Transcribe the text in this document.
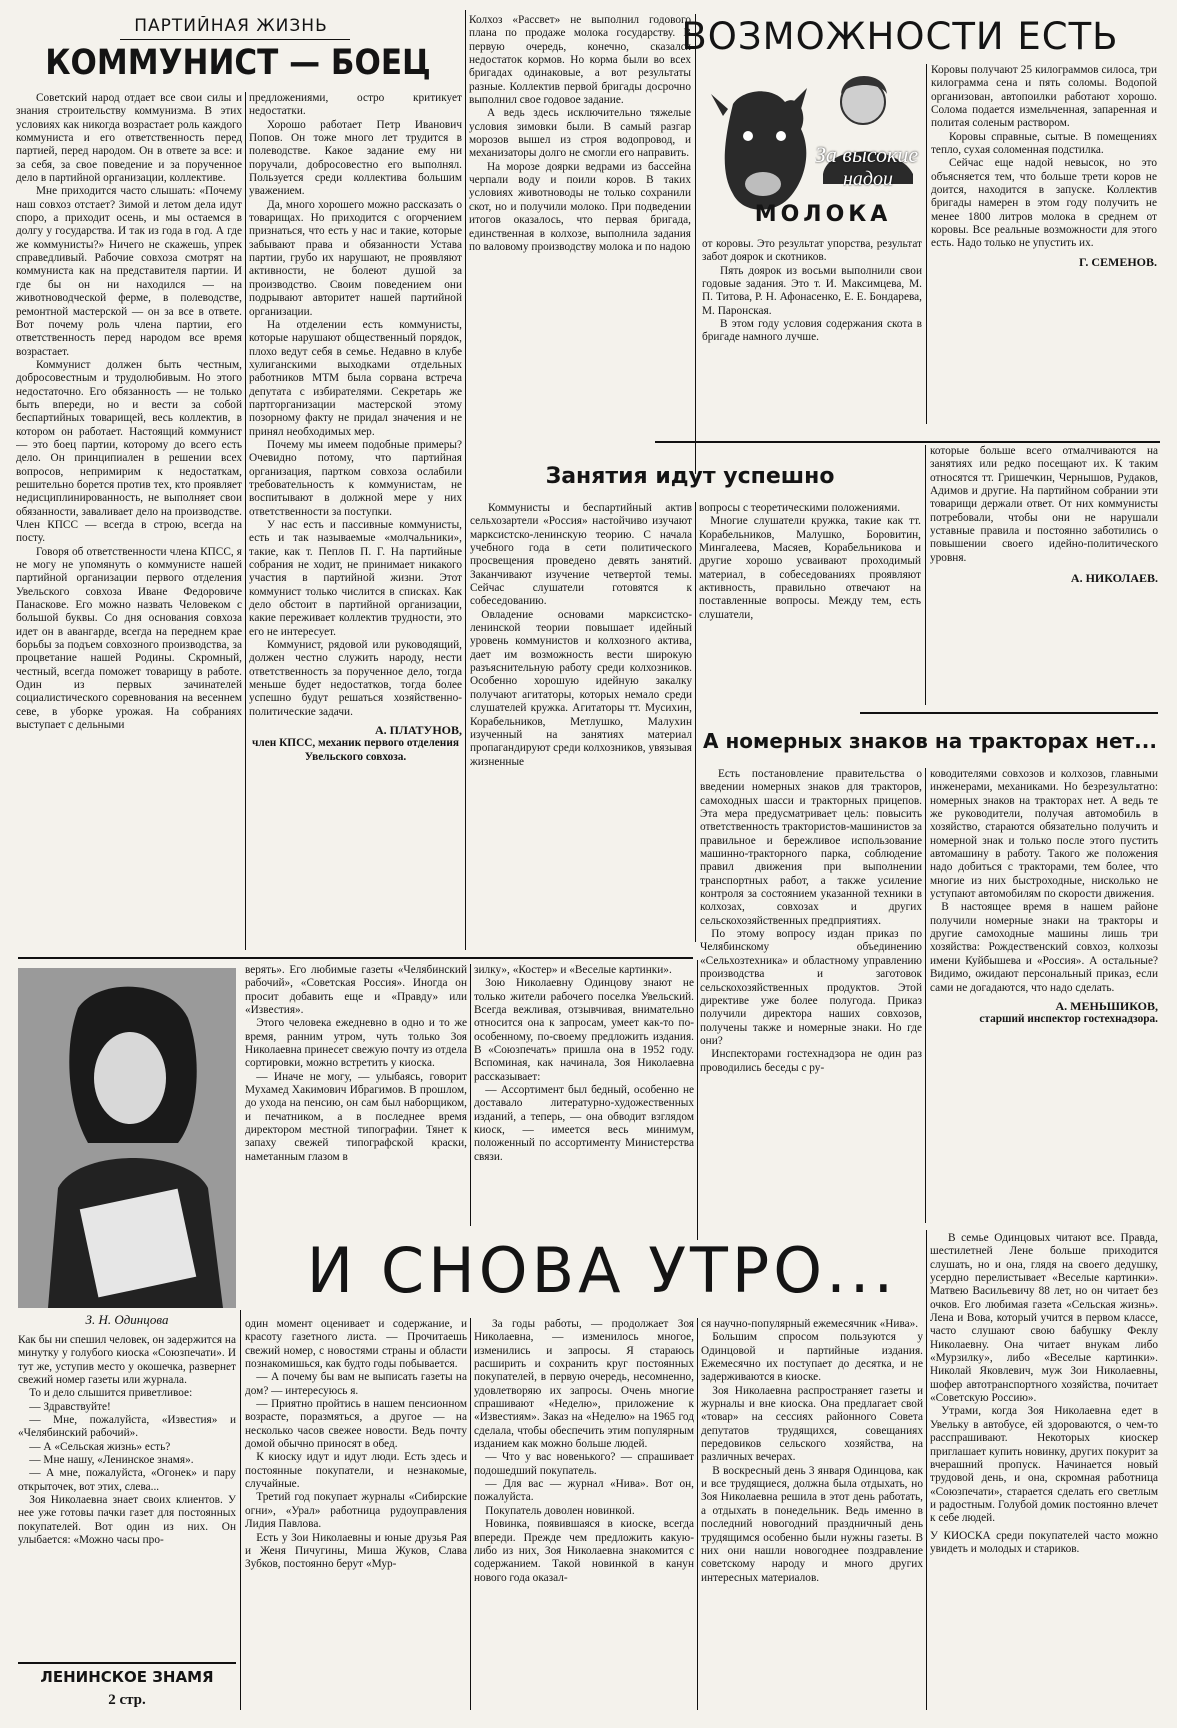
ПАРТИЙНАЯ ЖИЗНЬ
КОММУНИСТ — БОЕЦ

Советский народ отдает все свои силы и знания строительству коммунизма. В этих условиях как никогда возрастает роль каждого коммуниста и его ответственность перед партией, перед народом. Он в ответе за все: и за себя, за свое поведение и за порученное дело в партийной организации, коллективе.

Мне приходится часто слышать: «Почему наш совхоз отстает? Зимой и летом дела идут споро, а приходит осень, и мы остаемся в долгу у государства. И так из года в год. А где же коммунисты?» Ничего не скажешь, упрек справедливый. Рабочие совхоза смотрят на коммуниста как на представителя партии. И где бы он ни находился — на животноводческой ферме, в полеводстве, ремонтной мастерской — он за все в ответе. Вот почему роль члена партии, его ответственность перед народом все время возрастает.

Коммунист должен быть честным, добросовестным и трудолюбивым. Но этого недостаточно. Его обязанность — не только быть впереди, но и вести за собой беспартийных товарищей, весь коллектив, в котором он работает. Настоящий коммунист — это боец партии, которому до всего есть дело. Он принципиален в решении всех вопросов, непримирим к недостаткам, решительно борется против тех, кто проявляет недисциплинированность, не выполняет свои обязанности, заваливает дело на производстве. Член КПСС — всегда в строю, всегда на посту.

Говоря об ответственности члена КПСС, я не могу не упомянуть о коммунисте нашей партийной организации первого отделения Увельского совхоза Иване Федоровиче Панаскове. Его можно назвать Человеком с большой буквы. Со дня основания совхоза идет он в авангарде, всегда на переднем крае борьбы за подъем совхозного производства, за процветание нашей Родины. Скромный, честный, всегда поможет товарищу в работе. Один из первых зачинателей социалистического соревнования на весеннем севе, в уборке урожая. На собраниях выступает с дельными

предложениями, остро критикует недостатки.

Хорошо работает Петр Иванович Попов. Он тоже много лет трудится в полеводстве. Какое задание ему ни поручали, добросовестно его выполнял. Пользуется среди коллектива большим уважением.

Да, много хорошего можно рассказать о товарищах. Но приходится с огорчением признаться, что есть у нас и такие, которые забывают права и обязанности Устава партии, грубо их нарушают, не проявляют активности, не болеют душой за производство. Своим поведением они подрывают авторитет нашей партийной организации.

На отделении есть коммунисты, которые нарушают общественный порядок, плохо ведут себя в семье. Недавно в клубе хулиганскими выходками отдельных работников МТМ была сорвана встреча депутата с избирателями. Секретарь же партгорганизации мастерской этому позорному факту не придал значения и не принял необходимых мер.

Почему мы имеем подобные примеры? Очевидно потому, что партийная организация, партком совхоза ослабили требовательность к коммунистам, не воспитывают в должной мере у них ответственности за поступки.

У нас есть и пассивные коммунисты, есть и так называемые «молчальники», такие, как т. Пеплов П. Г. На партийные собрания не ходит, не принимает никакого участия в партийной жизни. Этот коммунист только числится в списках. Как дело обстоит в партийной организации, какие переживает коллектив трудности, это его не интересует.

Коммунист, рядовой или руководящий, должен честно служить народу, нести ответственность за порученное дело, тогда меньше будет недостатков, тогда более успешно будут решаться хозяйственно-политические задачи.

А. ПЛАТУНОВ,

член КПСС, механик первого отделения Увельского совхоза.

Колхоз «Рассвет» не выполнил годового плана по продаже молока государству. В первую очередь, конечно, сказался недостаток кормов. Но корма были во всех бригадах одинаковые, а вот результаты разные. Коллектив первой бригады досрочно выполнил свое годовое задание.

А ведь здесь исключительно тяжелые условия зимовки были. В самый разгар морозов вышел из строя водопровод, и механизаторы долго не смогли его направить.

На морозе доярки ведрами из бассейна черпали воду и поили коров. В таких условиях животноводы не только сохранили скот, но и получили молоко. При подведении итогов оказалось, что первая бригада, единственная в колхозе, выполнила задания по валовому производству молока и по надою

ВОЗМОЖНОСТИ ЕСТЬ
За высокие
надои
МОЛОКА

от коровы. Это результат упорства, результат забот доярок и скотников.

Пять доярок из восьми выполнили свои годовые задания. Это т. И. Максимцева, М. П. Титова, Р. Н. Афонасенко, Е. Е. Бондарева, М. Паронская.

В этом году условия содержания скота в бригаде намного лучше.

Коровы получают 25 килограммов силоса, три килограмма сена и пять соломы. Водопой организован, автопоилки работают хорошо. Солома подается измельченная, запаренная и политая соленым раствором.

Коровы справные, сытые. В помещениях тепло, сухая соломенная подстилка.

Сейчас еще надой невысок, но это объясняется тем, что больше трети коров не доится, находится в запуске. Коллектив бригады намерен в этом году получить не менее 1800 литров молока в среднем от коровы. Все реальные возможности для этого есть. Надо только не упустить их.

Г. СЕМЕНОВ.

Занятия идут успешно

Коммунисты и беспартийный актив сельхозартели «Россия» настойчиво изучают марксистско-ленинскую теорию. С начала учебного года в сети политического просвещения проведено девять занятий. Заканчивают изучение четвертой темы. Сейчас слушатели готовятся к собеседованию.
 Овладение основами марксистско-ленинской теории повышает идейный уровень коммунистов и колхозного актива, дает им возможность вести широкую разъяснительную работу среди колхозников. Особенно хорошую идейную закалку получают агитаторы, которых немало среди слушателей кружка. Агитаторы тт. Мусихин, Корабельников, Метлушко, Малухин изученный на занятиях материал пропагандируют среди колхозников, увязывая жизненные

вопросы с теоретическими положениями.
 Многие слушатели кружка, такие как тт. Корабельников, Малушко, Боровитин, Мингалеева, Масяев, Корабельникова и другие хорошо усваивают проходимый материал, в собеседованиях проявляют активность, правильно отвечают на поставленные вопросы. Между тем, есть слушатели,

которые больше всего отмалчиваются на занятиях или редко посещают их. К таким относятся тт. Гришечкин, Чернышов, Рудаков, Адимов и другие. На партийном собрании эти товарищи держали ответ. От них коммунисты потребовали, чтобы они не нарушали уставные правила и постоянно заботились о повышении своего идейно-политического уровня.

А. НИКОЛАЕВ.

А номерных знаков на тракторах нет...

Есть постановление правительства о введении номерных знаков для тракторов, самоходных шасси и тракторных прицепов. Эта мера предусматривает цель: повысить ответственность трактористов-машинистов за правильное и бережливое использование машинно-тракторного парка, соблюдение правил движения при выполнении транспортных работ, а также усиление контроля за состоянием указанной техники в колхозах, совхозах и других сельскохозяйственных предприятиях.
 По этому вопросу издан приказ по Челябинскому объединению «Сельхозтехника» и областному управлению производства и заготовок сельскохозяйственных продуктов. Этой директиве уже более полугода. Приказ получили директора наших совхозов, получены также и номерные знаки. Но где они?
 Инспекторами гостехнадзора не один раз проводились беседы с ру-

ководителями совхозов и колхозов, главными инженерами, механиками. Но безрезультатно: номерных знаков на тракторах нет. А ведь те же руководители, получая автомобиль в хозяйство, стараются обязательно получить и номерной знак и только после этого пустить автомашину в работу. Такого же положения надо добиться с тракторами, тем более, что многие из них быстроходные, нисколько не уступают автомобилям по скорости движения.
 В настоящее время в нашем районе получили номерные знаки на тракторы и другие самоходные машины лишь три хозяйства: Рождественский совхоз, колхозы имени Куйбышева и «Россия». А остальные? Видимо, ожидают персональный приказ, если сами не догадаются, что надо сделать.

А. МЕНЬШИКОВ,

старший инспектор гостехнадзора.

З. Н. Одинцова

верять». Его любимые газеты «Челябинский рабочий», «Советская Россия». Иногда он просит добавить еще и «Правду» или «Известия».
 Этого человека ежедневно в одно и то же время, ранним утром, чуть только Зоя Николаевна принесет свежую почту из отдела сортировки, можно встретить у киоска.
 — Иначе не могу, — улыбаясь, говорит Мухамед Хакимович Ибрагимов. В прошлом, до ухода на пенсию, он сам был наборщиком, и печатником, а в последнее время директором местной типографии. Тянет к запаху свежей типографской краски, наметанным глазом в

зилку», «Костер» и «Веселые картинки».
 Зою Николаевну Одинцову знают не только жители рабочего поселка Увельский. Всегда вежливая, отзывчивая, внимательно относится она к запросам, умеет как-то по-особенному, по-своему предложить издания. В «Союзпечать» пришла она в 1952 году. Вспоминая, как начинала, Зоя Николаевна рассказывает:
 — Ассортимент был бедный, особенно не доставало литературно-художественных изданий, а теперь, — она обводит взглядом киоск, — имеется весь минимум, положенный по ассортименту Министерства связи.

И СНОВА УТРО...

Как бы ни спешил человек, он задержится на минутку у голубого киоска «Союзпечати». И тут же, уступив место у окошечка, развернет свежий номер газеты или журнала.
 То и дело слышится приветливое:
 — Здравствуйте!
 — Мне, пожалуйста, «Известия» и «Челябинский рабочий».
 — А «Сельская жизнь» есть?
 — Мне нашу, «Ленинское знамя».
 — А мне, пожалуйста, «Огонек» и пару открыточек, вот этих, слева...
 Зоя Николаевна знает своих клиентов. У нее уже готовы пачки газет для постоянных покупателей. Вот один из них. Он улыбается: «Можно часы про-

один момент оценивает и содержание, и красоту газетного листа. — Прочитаешь свежий номер, с новостями страны и области познакомишься, как будто годы побывается.
 — А почему бы вам не выписать газеты на дом? — интересуюсь я.
 — Приятно пройтись в нашем пенсионном возрасте, поразмяться, а другое — на несколько часов свежее новости. Ведь почту домой обычно приносят в обед.
 К киоску идут и идут люди. Есть здесь и постоянные покупатели, и незнакомые, случайные.
 Третий год покупает журналы «Сибирские огни», «Урал» работница рудоуправления Лидия Павлова.
 Есть у Зои Николаевны и юные друзья Рая и Женя Пичугины, Миша Жуков, Слава Зубков, постоянно берут «Мур-

За годы работы, — продолжает Зоя Николаевна, — изменилось многое, изменились и запросы. Я стараюсь расширить и сохранить круг постоянных покупателей, в первую очередь, несомненно, удовлетворяю их запросы. Очень многие спрашивают «Неделю», приложение к «Известиям». Заказ на «Неделю» на 1965 год сделала, чтобы обеспечить этим популярным изданием как можно больше людей.
 — Что у вас новенького? — спрашивает подошедший покупатель.
 — Для вас — журнал «Нива». Вот он, пожалуйста.
 Покупатель доволен новинкой.
 Новинка, появившаяся в киоске, всегда впереди. Прежде чем предложить какую-либо из них, Зоя Николаевна знакомится с содержанием. Такой новинкой в канун нового года оказал-

ся научно-популярный ежемесячник «Нива».
 Большим спросом пользуются у Одинцовой и партийные издания. Ежемесячно их поступает до десятка, и не задерживаются в киоске.
 Зоя Николаевна распространяет газеты и журналы и вне киоска. Она предлагает свой «товар» на сессиях районного Совета депутатов трудящихся, совещаниях передовиков сельского хозяйства, на различных вечерах.
 В воскресный день 3 января Одинцова, как и все трудящиеся, должна была отдыхать, но Зоя Николаевна решила в этот день работать, а отдыхать в понедельник. Ведь именно в последний новогодний праздничный день трудящимся особенно были нужны газеты. В них они нашли новогоднее поздравление советскому народу и много других интересных материалов.

В семье Одинцовых читают все. Правда, шестилетней Лене больше приходится слушать, но и она, глядя на своего дедушку, усердно перелистывает «Веселые картинки». Матвею Васильевичу 88 лет, но он читает без очков. Его любимая газета «Сельская жизнь». Лена и Вова, который учится в первом классе, часто слушают свою бабушку Феклу Николаевну. Она читает внукам либо «Мурзилку», либо «Веселые картинки». Николай Яковлевич, муж Зои Николаевны, шофер автотранспортного хозяйства, почитает «Советскую Россию».
 Утрами, когда Зоя Николаевна едет в Увельку в автобусе, ей здороваются, о чем-то расспрашивают. Некоторых киоскер приглашает купить новинку, других покурит за вчерашний пропуск. Начинается новый трудовой день, и она, скромная работница «Союзпечати», старается сделать его светлым и радостным. Голубой домик постоянно влечет к себе людей.

У КИОСКА среди покупателей часто можно увидеть и молодых и стариков.

ЛЕНИНСКОЕ ЗНАМЯ
2 стр.
